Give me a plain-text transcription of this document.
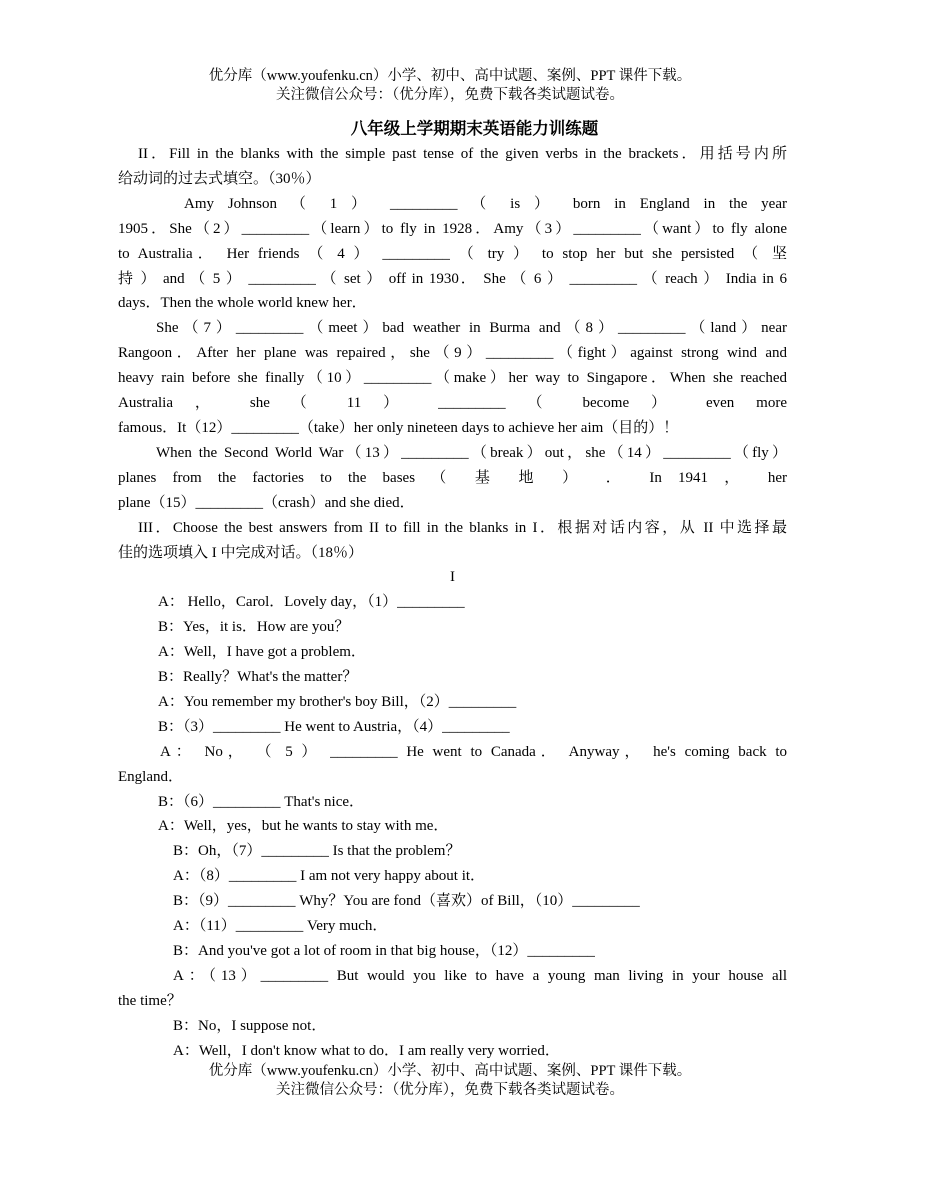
优分库（www.youfenku.cn）小学、初中、高中试题、案例、PPT 课件下载。
关注微信公众号：（优分库），免费下载各类试题试卷。
八年级上学期期末英语能力训练题
II．Fill in the blanks with the simple past tense of the given verbs in the brackets．用括号内所
给动词的过去式填空。（30％）
Amy Johnson （ 1 ） _________ （ is ） born in England in the year
1905．She（2）_________（learn）to fly in 1928．Amy（3）_________（want）to fly alone
to Australia． Her friends （ 4 ） _________ （ try ） to stop her but she persisted （ 坚
持 ） and （ 5 ） _________ （ set ） off in 1930． She （ 6 ） _________ （ reach ） India in 6
days．Then the whole world knew her．
She（7）_________（meet）bad weather in Burma and（8）_________（land）near
Rangoon．After her plane was repaired，she（9）_________（fight）against strong wind and
heavy rain before she finally（10）_________（make）her way to Singapore．When she reached
Australia ， she （ 11 ） _________ （ become ） even more
famous．It（12）_________（take）her only nineteen days to achieve her aim（目的）！
When the Second World War（13）_________（break）out，she（14）_________（fly）
planes from the factories to the bases （ 基 地 ） ． In 1941 ， her
plane（15）_________（crash）and she died．
III．Choose the best answers from II to fill in the blanks in I．根据对话内容，从 II 中选择最
佳的选项填入 I 中完成对话。（18％）
I
A： Hello，Carol．Lovely day，（1）_________
B：Yes，it is．How are you？
A：Well，I have got a problem．
B：Really？What's the matter？
A：You remember my brother's boy Bill，（2）_________
B：（3）_________ He went to Austria，（4）_________
A： No， （ 5 ） _________ He went to Canada． Anyway， he's coming back to
England．
B：（6）_________ That's nice．
A：Well，yes，but he wants to stay with me．
B：Oh，（7）_________ Is that the problem？
A：（8）_________ I am not very happy about it．
B：（9）_________ Why？You are fond（喜欢）of Bill，（10）_________
A：（11）_________ Very much．
B：And you've got a lot of room in that big house，（12）_________
A：（13）_________ But would you like to have a young man living in your house all
the time？
B：No，I suppose not．
A：Well，I don't know what to do．I am really very worried．
优分库（www.youfenku.cn）小学、初中、高中试题、案例、PPT 课件下载。
关注微信公众号：（优分库），免费下载各类试题试卷。
